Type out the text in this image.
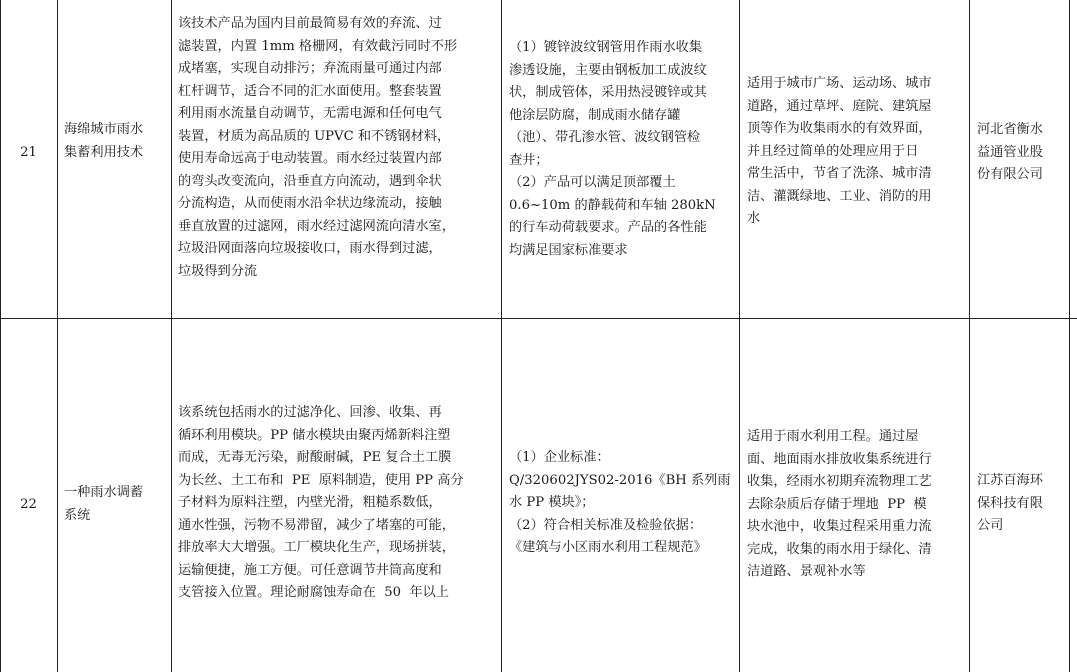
21
海绵城市雨水
集蓄利用技术
该技术产品为国内目前最简易有效的弃流、过
滤装置，内置 1mm 格栅网，有效截污同时不形
成堵塞，实现自动排污；弃流雨量可通过内部
杠杆调节，适合不同的汇水面使用。整套装置
利用雨水流量自动调节，无需电源和任何电气
装置，材质为高品质的 UPVC 和不锈钢材料，
使用寿命远高于电动装置。雨水经过装置内部
的弯头改变流向，沿垂直方向流动，遇到伞状
分流构造，从而使雨水沿伞状边缘流动，接触
垂直放置的过滤网，雨水经过滤网流向清水室，
垃圾沿网面落向垃圾接收口，雨水得到过滤，
垃圾得到分流
（1）镀锌波纹钢管用作雨水收集
渗透设施，主要由钢板加工成波纹
状，制成管体，采用热浸镀锌或其
他涂层防腐，制成雨水储存罐
（池）、带孔渗水管、波纹钢管检
查井；
（2）产品可以满足顶部覆土
0.6~10m 的静载荷和车轴 280kN
的行车动荷载要求。产品的各性能
均满足国家标准要求
适用于城市广场、运动场、城市
道路，通过草坪、庭院、建筑屋
顶等作为收集雨水的有效界面，
并且经过简单的处理应用于日
常生活中，节省了洗涤、城市清
洁、灌溉绿地、工业、消防的用
水
河北省衡水
益通管业股
份有限公司
22
一种雨水调蓄
系统
该系统包括雨水的过滤净化、回渗、收集、再
循环利用模块。PP 储水模块由聚丙烯新料注塑
而成，无毒无污染，耐酸耐碱，PE 复合土工膜
为长丝、土工布和  PE  原料制造，使用 PP 高分
子材料为原料注塑，内壁光滑，粗糙系数低，
通水性强，污物不易滞留，减少了堵塞的可能，
排放率大大增强。工厂模块化生产，现场拼装，
运输便捷，施工方便。可任意调节井筒高度和
支管接入位置。理论耐腐蚀寿命在  50  年以上
（1）企业标准：
Q/320602JYS02-2016《BH 系列雨
水 PP 模块》；
（2）符合相关标准及检验依据：
《建筑与小区雨水利用工程规范》
适用于雨水利用工程。通过屋
面、地面雨水排放收集系统进行
收集，经雨水初期弃流物理工艺
去除杂质后存储于埋地  PP  模
块水池中，收集过程采用重力流
完成，收集的雨水用于绿化、清
洁道路、景观补水等
江苏百海环
保科技有限
公司
